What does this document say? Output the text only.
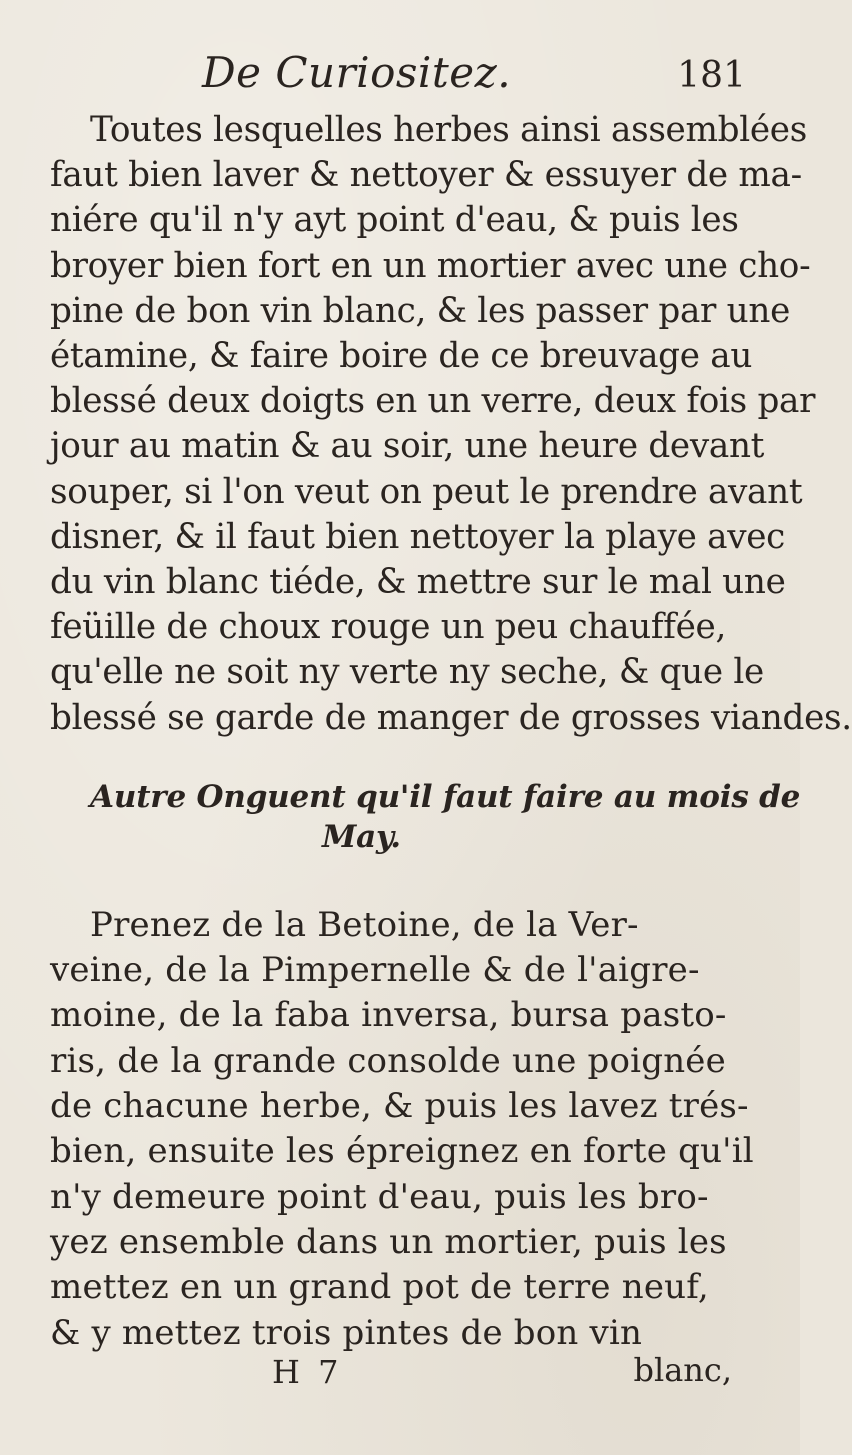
De Curiositez.	181

Toutes lesquelles herbes ainsi assemblées
faut bien laver & nettoyer & essuyer de ma-
niére qu'il n'y ayt point d'eau, & puis les
broyer bien fort en un mortier avec une cho-
pine de bon vin blanc, & les passer par une
étamine, & faire boire de ce breuvage au
blessé deux doigts en un verre, deux fois par
jour au matin & au soir, une heure devant
souper, si l'on veut on peut le prendre avant
disner, & il faut bien nettoyer la playe avec
du vin blanc tiéde, & mettre sur le mal une
feüille de choux rouge un peu chauffée,
qu'elle ne soit ny verte ny seche, & que le
blessé se garde de manger de grosses viandes.

Autre Onguent qu'il faut faire au mois de
May.

Prenez de la Betoine, de la Ver-
veine, de la Pimpernelle & de l'aigre-
moine, de la faba inversa, bursa pasto-
ris, de la grande consolde une poignée
de chacune herbe, & puis les lavez trés-
bien, ensuite les épreignez en forte qu'il
n'y demeure point d'eau, puis les bro-
yez ensemble dans un mortier, puis les
mettez en un grand pot de terre neuf,
& y mettez trois pintes de bon vin

H 7	blanc,
